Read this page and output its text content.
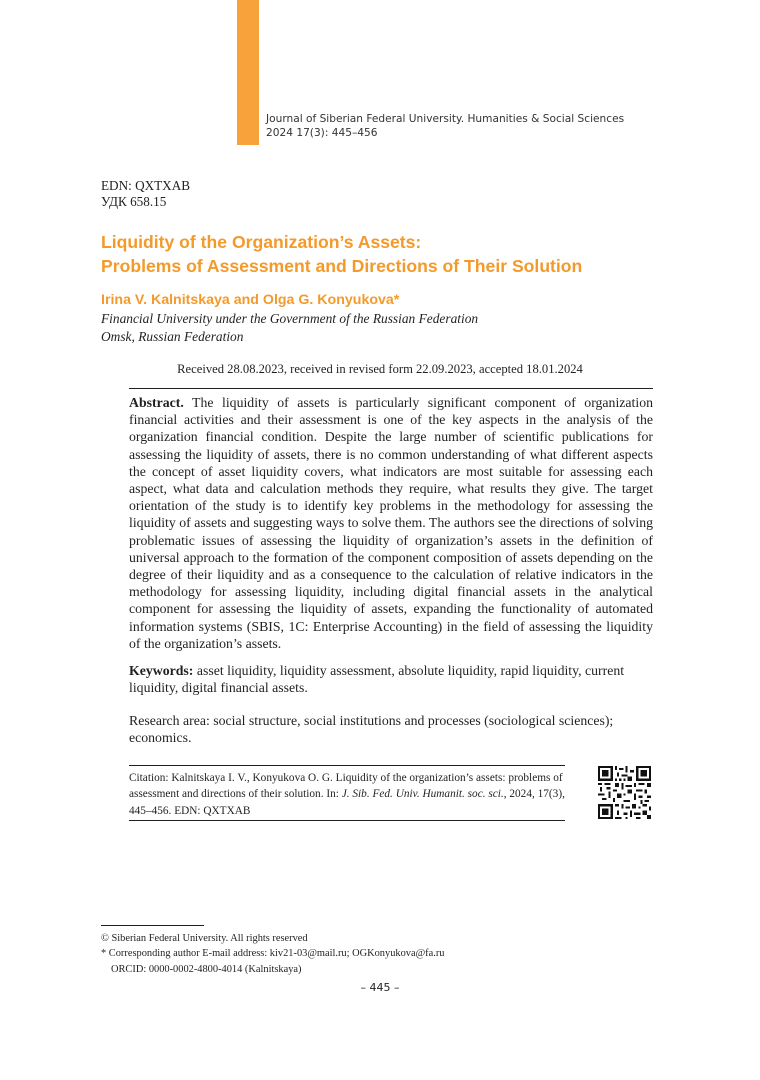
Journal of Siberian Federal University. Humanities & Social Sciences
2024 17(3): 445–456
EDN: QXTXAB
УДК 658.15
Liquidity of the Organization’s Assets:
Problems of Assessment and Directions of Their Solution
Irina V. Kalnitskaya and Olga G. Konyukova*
Financial University under the Government of the Russian Federation
Omsk, Russian Federation
Received 28.08.2023, received in revised form 22.09.2023, accepted 18.01.2024
Abstract. The liquidity of assets is particularly significant component of organization financial activities and their assessment is one of the key aspects in the analysis of the organization financial condition. Despite the large number of scientific publications for assessing the liquidity of assets, there is no common understanding of what different aspects the concept of asset liquidity covers, what indicators are most suitable for assessing each aspect, what data and calculation methods they require, what results they give. The target orientation of the study is to identify key problems in the methodology for assessing the liquidity of assets and suggesting ways to solve them. The authors see the directions of solving problematic issues of assessing the liquidity of organization’s assets in the definition of universal approach to the formation of the component composition of assets depending on the degree of their liquidity and as a consequence to the calculation of relative indicators in the methodology for assessing liquidity, including digital financial assets in the analytical component for assessing the liquidity of assets, expanding the functionality of automated information systems (SBIS, 1C: Enterprise Accounting) in the field of assessing the liquidity of the organization’s assets.
Keywords: asset liquidity, liquidity assessment, absolute liquidity, rapid liquidity, current liquidity, digital financial assets.
Research area: social structure, social institutions and processes (sociological sciences); economics.
Citation: Kalnitskaya I. V., Konyukova O. G. Liquidity of the organization’s assets: problems of assessment and directions of their solution. In: J. Sib. Fed. Univ. Humanit. soc. sci., 2024, 17(3), 445–456. EDN: QXTXAB
© Siberian Federal University. All rights reserved
* Corresponding author E-mail address: kiv21-03@mail.ru; OGKonyukova@fa.ru
ORCID: 0000-0002-4800-4014 (Kalnitskaya)
– 445 –
